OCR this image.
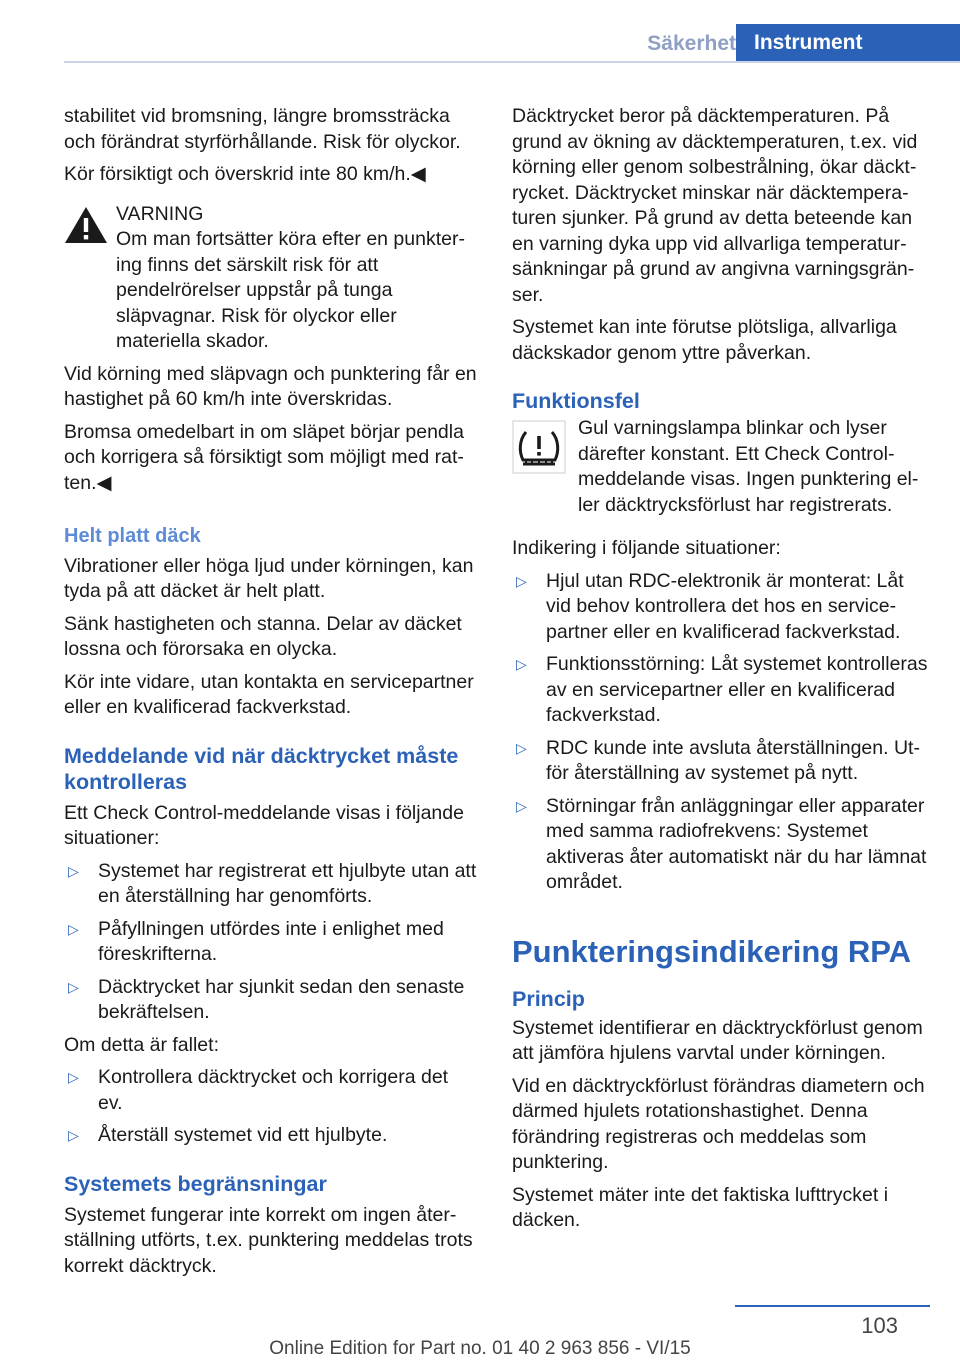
Säkerhet Instrument

stabilitet vid bromsning, längre bromssträcka och förändrat styrförhållande. Risk för olyckor.

Kör försiktigt och överskrid inte 80 km/h.◀

VARNING

Om man fortsätter köra efter en punktering finns det särskilt risk för att pendelrörelser uppstår på tunga släpvagnar. Risk för olyckor eller materiella skador.

Vid körning med släpvagn och punktering får en hastighet på 60 km/h inte överskridas.

Bromsa omedelbart in om släpet börjar pendla och korrigera så försiktigt som möjligt med ratten.◀

Helt platt däck

Vibrationer eller höga ljud under körningen, kan tyda på att däcket är helt platt.

Sänk hastigheten och stanna. Delar av däcket lossna och förorsaka en olycka.

Kör inte vidare, utan kontakta en servicepartner eller en kvalificerad fackverkstad.

Meddelande vid när däcktrycket måste kontrolleras

Ett Check Control-meddelande visas i följande situationer:

▷ Systemet har registrerat ett hjulbyte utan att en återställning har genomförts.
▷ Påfyllningen utfördes inte i enlighet med föreskrifterna.
▷ Däcktrycket har sjunkit sedan den senaste bekräftelsen.

Om detta är fallet:

▷ Kontrollera däcktrycket och korrigera det ev.
▷ Återställ systemet vid ett hjulbyte.
Systemets begränsningar

Systemet fungerar inte korrekt om ingen återställning utförts, t.ex. punktering meddelas trots korrekt däcktryck.

Däcktrycket beror på däcktemperaturen. På grund av ökning av däcktemperaturen, t.ex. vid körning eller genom solbestrålning, ökar däcktrycket. Däcktrycket minskar när däcktemperaturen sjunker. På grund av detta beteende kan en varning dyka upp vid allvarliga temperatursänkningar på grund av angivna varningsgränser.

Systemet kan inte förutse plötsliga, allvarliga däckskador genom yttre påverkan.

Funktionsfel

Gul varningslampa blinkar och lyser därefter konstant. Ett Check Control-meddelande visas. Ingen punktering eller däcktrycksförlust har registrerats.

Indikering i följande situationer:

▷ Hjul utan RDC-elektronik är monterat: Låt vid behov kontrollera det hos en servicepartner eller en kvalificerad fackverkstad.
▷ Funktionsstörning: Låt systemet kontrolleras av en servicepartner eller en kvalificerad fackverkstad.
▷ RDC kunde inte avsluta återställningen. Utför återställning av systemet på nytt.
▷ Störningar från anläggningar eller apparater med samma radiofrekvens: Systemet aktiveras åter automatiskt när du har lämnat området.
Punkteringsindikering RPA
Princip

Systemet identifierar en däcktryckförlust genom att jämföra hjulens varvtal under körningen.

Vid en däcktryckförlust förändras diametern och därmed hjulets rotationshastighet. Denna förändring registreras och meddelas som punktering.

Systemet mäter inte det faktiska lufttrycket i däcken.

103
Online Edition for Part no. 01 40 2 963 856 - VI/15
